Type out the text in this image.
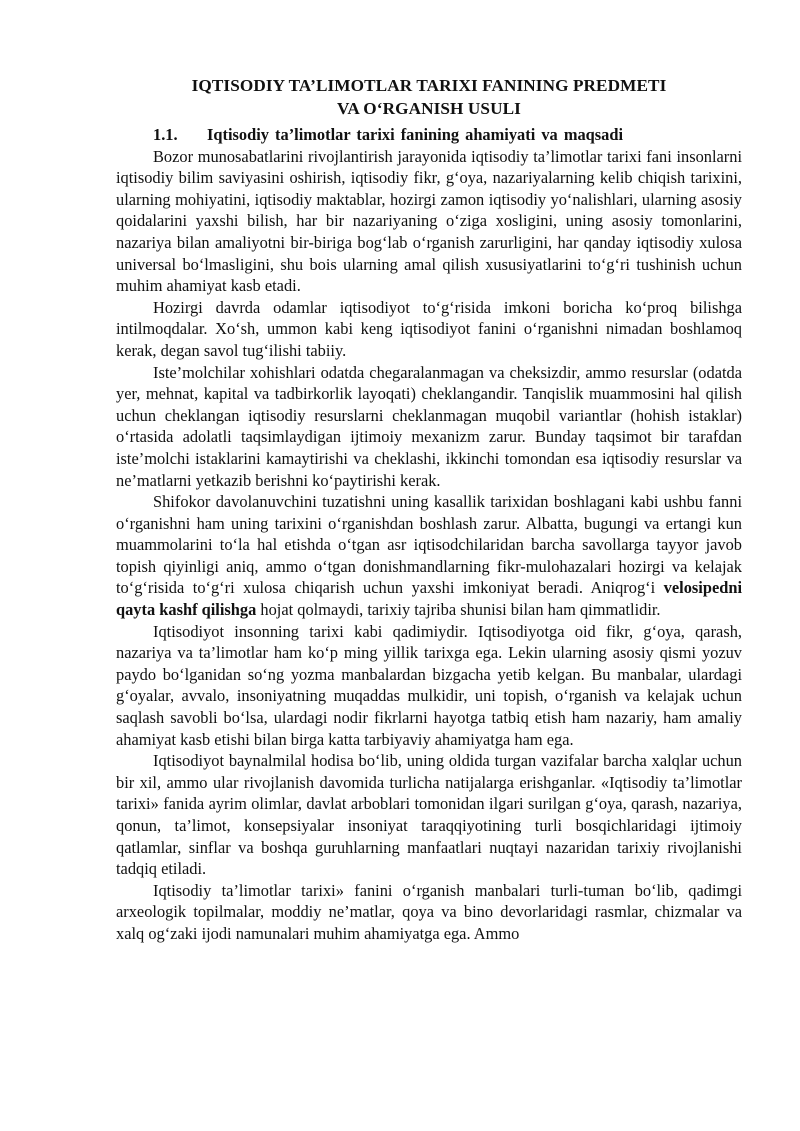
IQTISODIY TA’LIMOTLAR TARIXI FANINING PREDMETI
VA O‘RGANISH USULI
1.1.	Iqtisodiy ta’limotlar tarixi fanining ahamiyati va maqsadi

Bozor munosabatlarini rivojlantirish jarayonida iqtisodiy ta’limotlar tarixi fani insonlarni iqtisodiy bilim saviyasini oshirish, iqtisodiy fikr, g‘oya, nazariyalarning kelib chiqish tarixini, ularning mohiyatini, iqtisodiy maktablar, hozirgi zamon iqtisodiy yo‘nalishlari, ularning asosiy qoidalarini yaxshi bilish, har bir nazariyaning o‘ziga xosligini, uning asosiy tomonlarini, nazariya bilan amaliyotni bir-biriga bog‘lab o‘rganish zarurligini, har qanday iqtisodiy xulosa universal bo‘lmasligini, shu bois ularning amal qilish xususiyatlarini to‘g‘ri tushinish uchun muhim ahamiyat kasb etadi.

Hozirgi davrda odamlar iqtisodiyot to‘g‘risida imkoni boricha ko‘proq bilishga intilmoqdalar. Xo‘sh, ummon kabi keng iqtisodiyot fanini o‘rganishni nimadan boshlamoq kerak, degan savol tug‘ilishi tabiiy.

Iste’molchilar xohishlari odatda chegaralanmagan va cheksizdir, ammo resurslar (odatda yer, mehnat, kapital va tadbirkorlik layoqati) cheklangandir. Tanqislik muammosini hal qilish uchun cheklangan iqtisodiy resurslarni cheklanmagan muqobil variantlar (hohish istaklar) o‘rtasida adolatli taqsimlaydigan ijtimoiy mexanizm zarur. Bunday taqsimot bir tarafdan iste’molchi istaklarini kamaytirishi va cheklashi, ikkinchi tomondan esa iqtisodiy resurslar va ne’matlarni yetkazib berishni ko‘paytirishi kerak.

Shifokor davolanuvchini tuzatishni uning kasallik tarixidan boshlagani kabi ushbu fanni o‘rganishni ham uning tarixini o‘rganishdan boshlash zarur. Albatta, bugungi va ertangi kun muammolarini to‘la hal etishda o‘tgan asr iqtisodchilaridan barcha savollarga tayyor javob topish qiyinligi aniq, ammo o‘tgan donishmandlarning fikr-mulohazalari hozirgi va kelajak to‘g‘risida to‘g‘ri xulosa chiqarish uchun yaxshi imkoniyat beradi. Aniqrog‘i velosipedni qayta kashf qilishga hojat qolmaydi, tarixiy tajriba shunisi bilan ham qimmatlidir.

Iqtisodiyot insonning tarixi kabi qadimiydir. Iqtisodiyotga oid fikr, g‘oya, qarash, nazariya va ta’limotlar ham ko‘p ming yillik tarixga ega. Lekin ularning asosiy qismi yozuv paydo bo‘lganidan so‘ng yozma manbalardan bizgacha yetib kelgan. Bu manbalar, ulardagi g‘oyalar, avvalo, insoniyatning muqaddas mulkidir, uni topish, o‘rganish va kelajak uchun saqlash savobli bo‘lsa, ulardagi nodir fikrlarni hayotga tatbiq etish ham nazariy, ham amaliy ahamiyat kasb etishi bilan birga katta tarbiyaviy ahamiyatga ham ega.

Iqtisodiyot baynalmilal hodisa bo‘lib, uning oldida turgan vazifalar barcha xalqlar uchun bir xil, ammo ular rivojlanish davomida turlicha natijalarga erishganlar. «Iqtisodiy ta’limotlar tarixi» fanida ayrim olimlar, davlat arboblari tomonidan ilgari surilgan g‘oya, qarash, nazariya, qonun, ta’limot, konsepsiyalar insoniyat taraqqiyotining turli bosqichlaridagi ijtimoiy qatlamlar, sinflar va boshqa guruhlarning manfaatlari nuqtayi nazaridan tarixiy rivojlanishi tadqiq etiladi.

Iqtisodiy ta’limotlar tarixi» fanini o‘rganish manbalari turli-tuman bo‘lib, qadimgi arxeologik topilmalar, moddiy ne’matlar, qoya va bino devorlaridagi rasmlar, chizmalar va xalq og‘zaki ijodi namunalari muhim ahamiyatga ega. Ammo
